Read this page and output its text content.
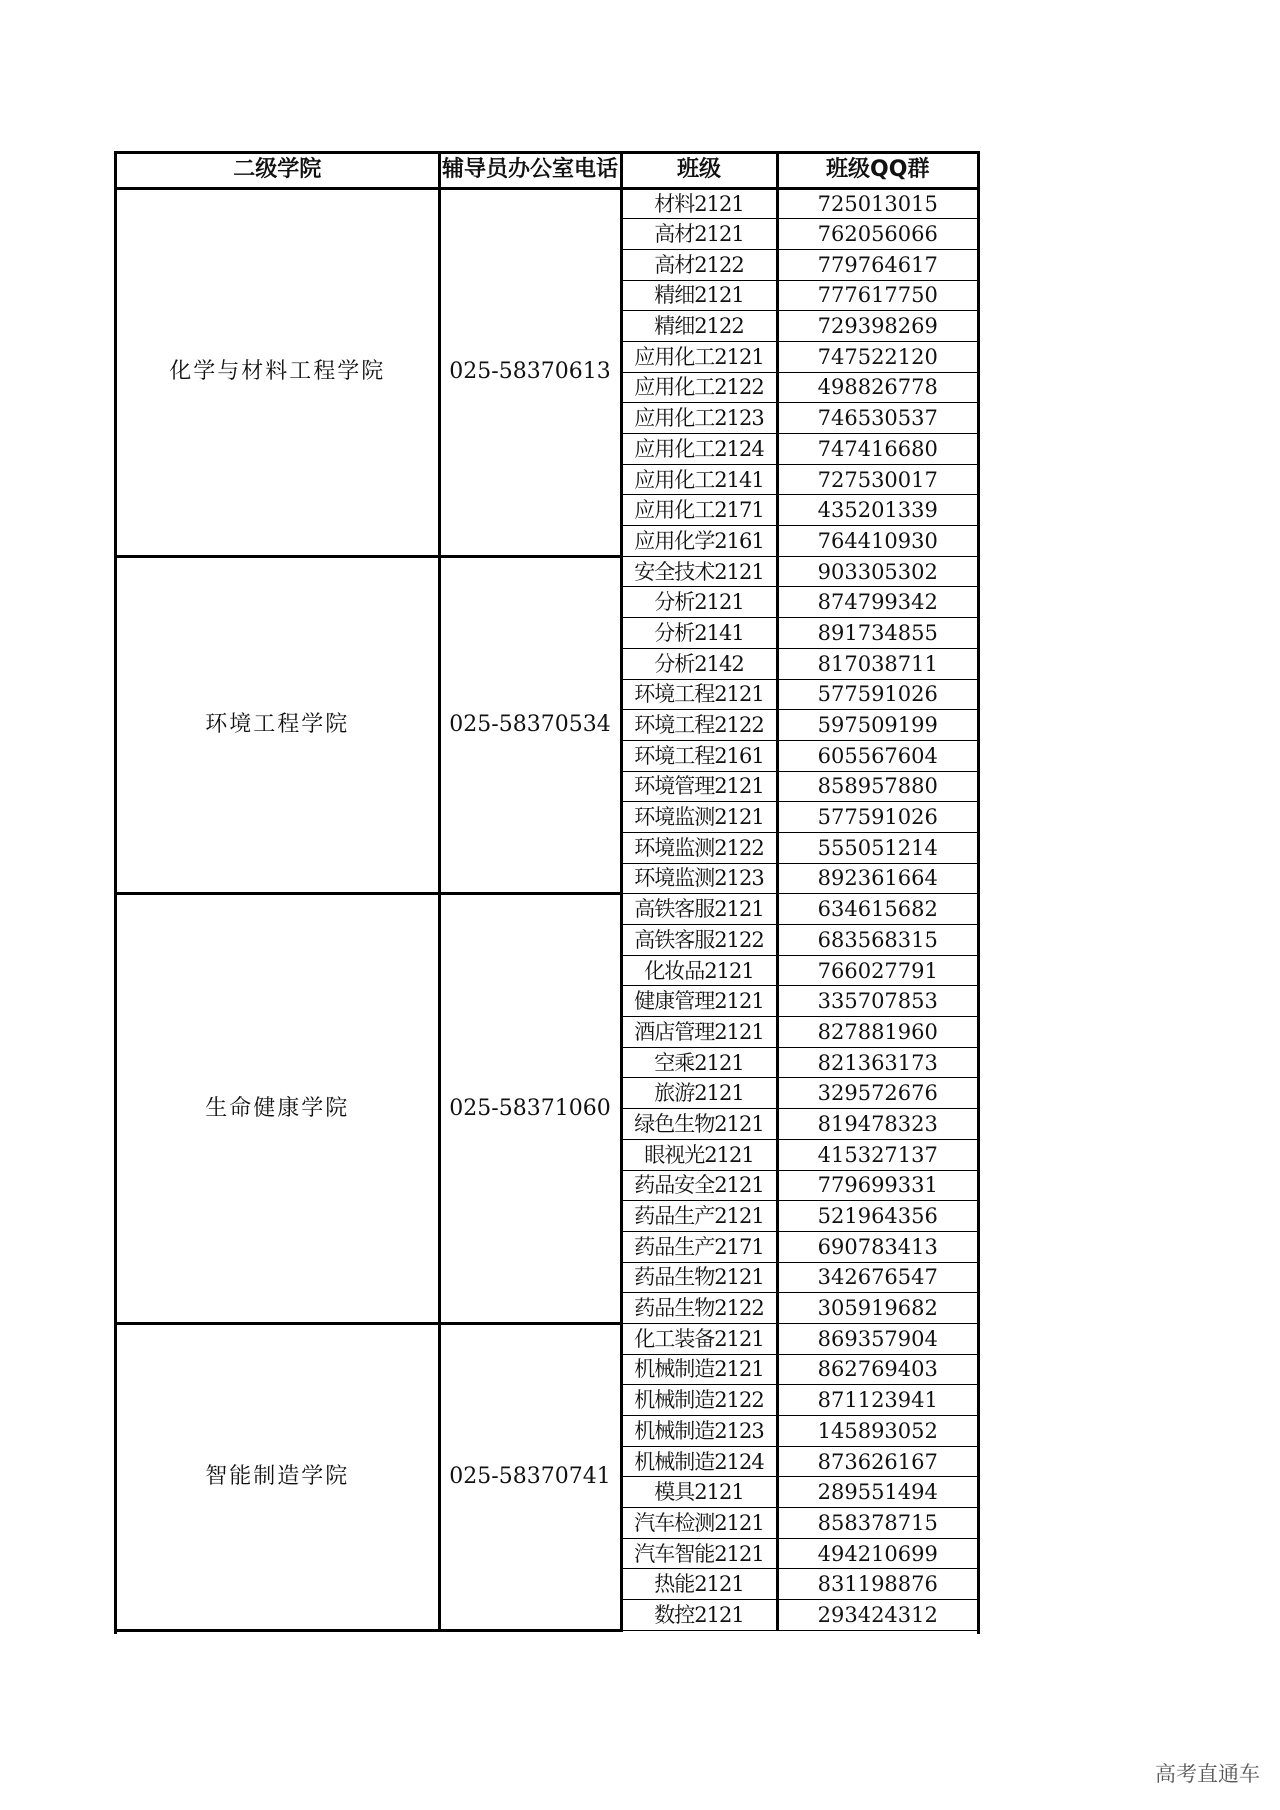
二级学院	辅导员办公室电话	班级	班级QQ群
化学与材料工程学院	025-58370613	材料2121	725013015
		高材2121	762056066
		高材2122	779764617
		精细2121	777617750
		精细2122	729398269
		应用化工2121	747522120
		应用化工2122	498826778
		应用化工2123	746530537
		应用化工2124	747416680
		应用化工2141	727530017
		应用化工2171	435201339
		应用化学2161	764410930
环境工程学院	025-58370534	安全技术2121	903305302
		分析2121	874799342
		分析2141	891734855
		分析2142	817038711
		环境工程2121	577591026
		环境工程2122	597509199
		环境工程2161	605567604
		环境管理2121	858957880
		环境监测2121	577591026
		环境监测2122	555051214
		环境监测2123	892361664
生命健康学院	025-58371060	高铁客服2121	634615682
		高铁客服2122	683568315
		化妆品2121	766027791
		健康管理2121	335707853
		酒店管理2121	827881960
		空乘2121	821363173
		旅游2121	329572676
		绿色生物2121	819478323
		眼视光2121	415327137
		药品安全2121	779699331
		药品生产2121	521964356
		药品生产2171	690783413
		药品生物2121	342676547
		药品生物2122	305919682
智能制造学院	025-58370741	化工装备2121	869357904
		机械制造2121	862769403
		机械制造2122	871123941
		机械制造2123	145893052
		机械制造2124	873626167
		模具2121	289551494
		汽车检测2121	858378715
		汽车智能2121	494210699
		热能2121	831198876
		数控2121	293424312
高考直通车
